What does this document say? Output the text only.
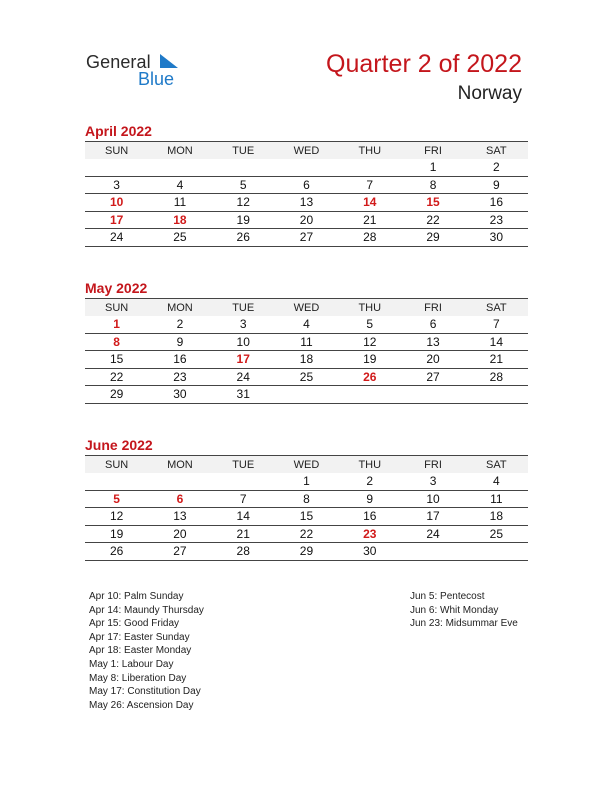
General
Blue
Quarter 2 of 2022
Norway
April 2022
SUN	MON	TUE	WED	THU	FRI	SAT
					1	2
3	4	5	6	7	8	9
10	11	12	13	14	15	16
17	18	19	20	21	22	23
24	25	26	27	28	29	30
May 2022
SUN	MON	TUE	WED	THU	FRI	SAT
1	2	3	4	5	6	7
8	9	10	11	12	13	14
15	16	17	18	19	20	21
22	23	24	25	26	27	28
29	30	31				
June 2022
SUN	MON	TUE	WED	THU	FRI	SAT
			1	2	3	4
5	6	7	8	9	10	11
12	13	14	15	16	17	18
19	20	21	22	23	24	25
26	27	28	29	30		
Apr 10: Palm Sunday
Apr 14: Maundy Thursday
Apr 15: Good Friday
Apr 17: Easter Sunday
Apr 18: Easter Monday
May 1: Labour Day
May 8: Liberation Day
May 17: Constitution Day
May 26: Ascension Day
Jun 5: Pentecost
Jun 6: Whit Monday
Jun 23: Midsummar Eve
